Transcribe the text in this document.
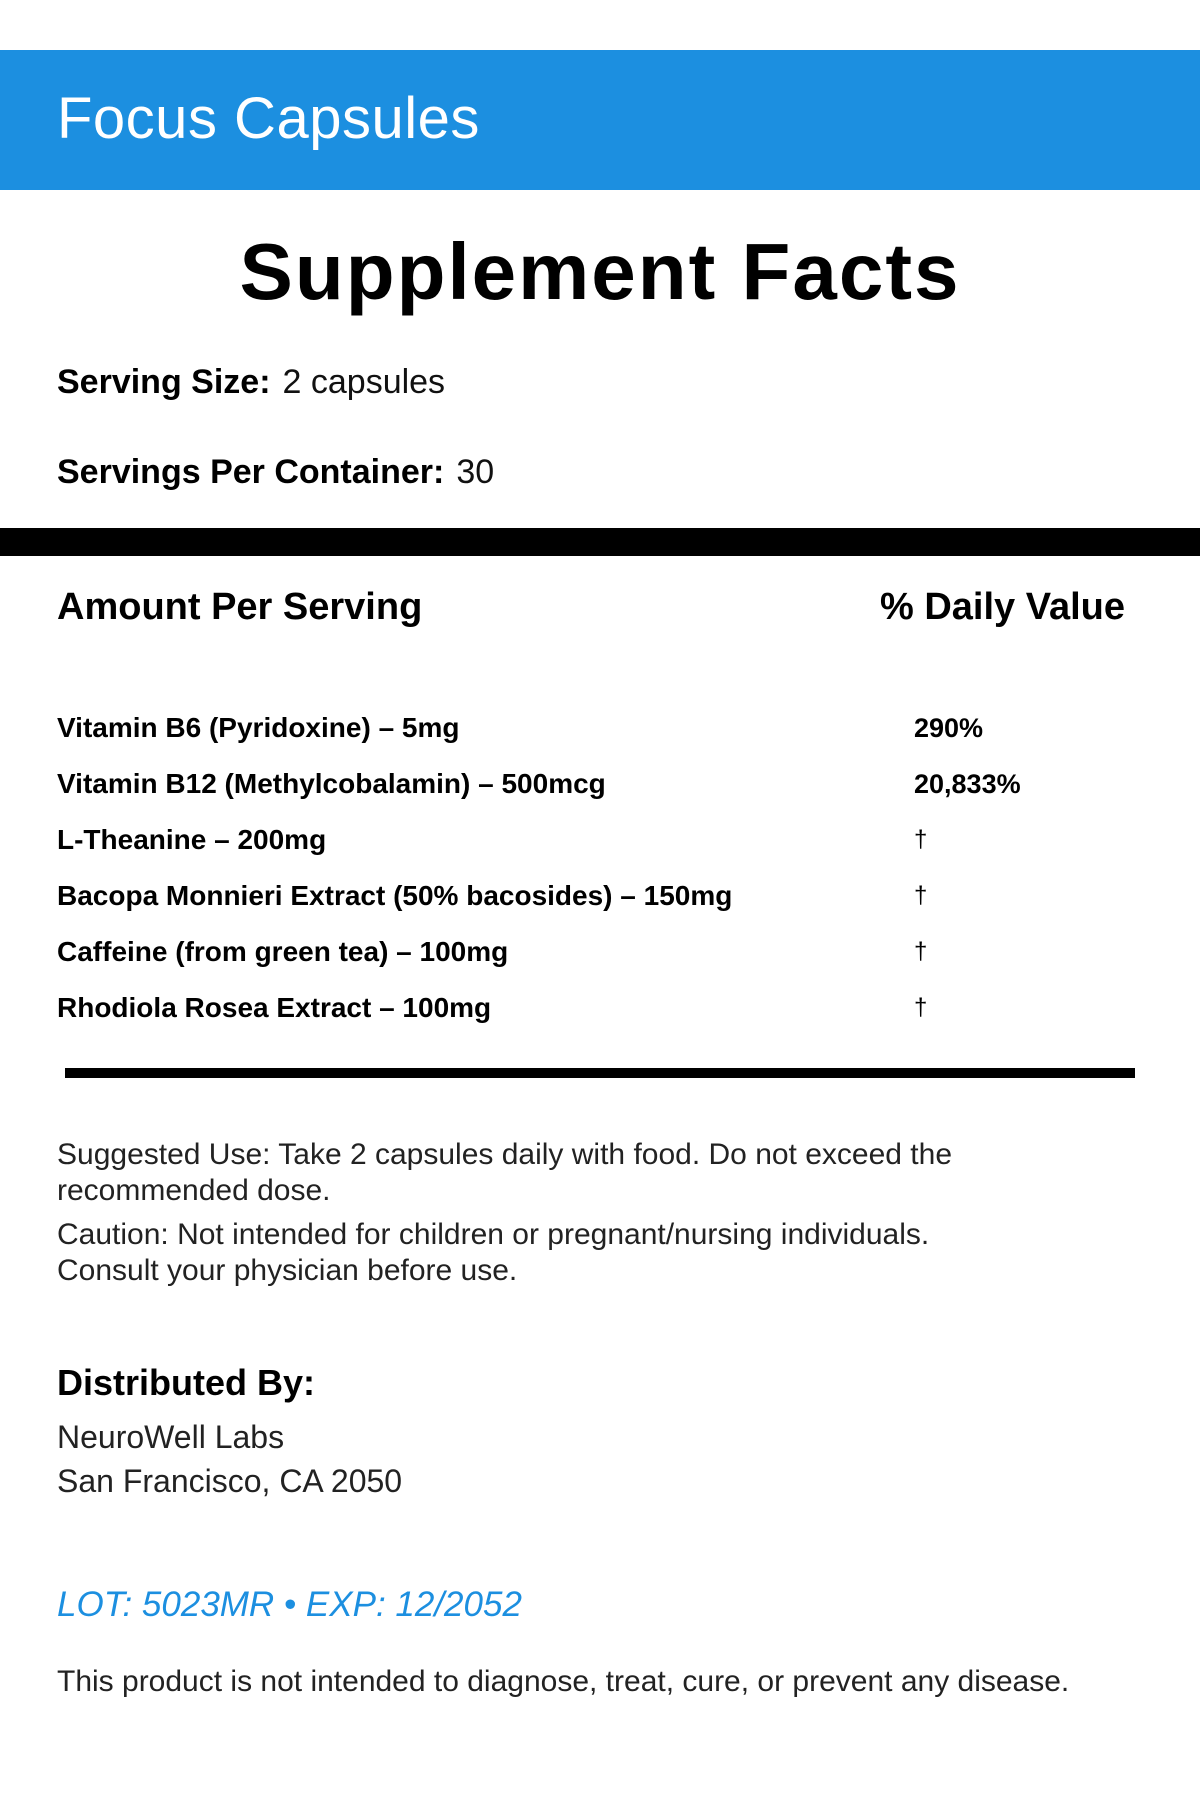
Focus Capsules
Supplement Facts
Serving Size: 2 capsules
Servings Per Container: 30
Amount Per Serving	% Daily Value
Vitamin B6 (Pyridoxine) – 5mg	290%
Vitamin B12 (Methylcobalamin) – 500mcg	20,833%
L-Theanine – 200mg	†
Bacopa Monnieri Extract (50% bacosides) – 150mg	†
Caffeine (from green tea) – 100mg	†
Rhodiola Rosea Extract – 100mg	†
Suggested Use: Take 2 capsules daily with food. Do not exceed the recommended dose.
Caution: Not intended for children or pregnant/nursing individuals. Consult your physician before use.
Distributed By:
NeuroWell Labs
San Francisco, CA 2050
LOT: 5023MR • EXP: 12/2052
This product is not intended to diagnose, treat, cure, or prevent any disease.
